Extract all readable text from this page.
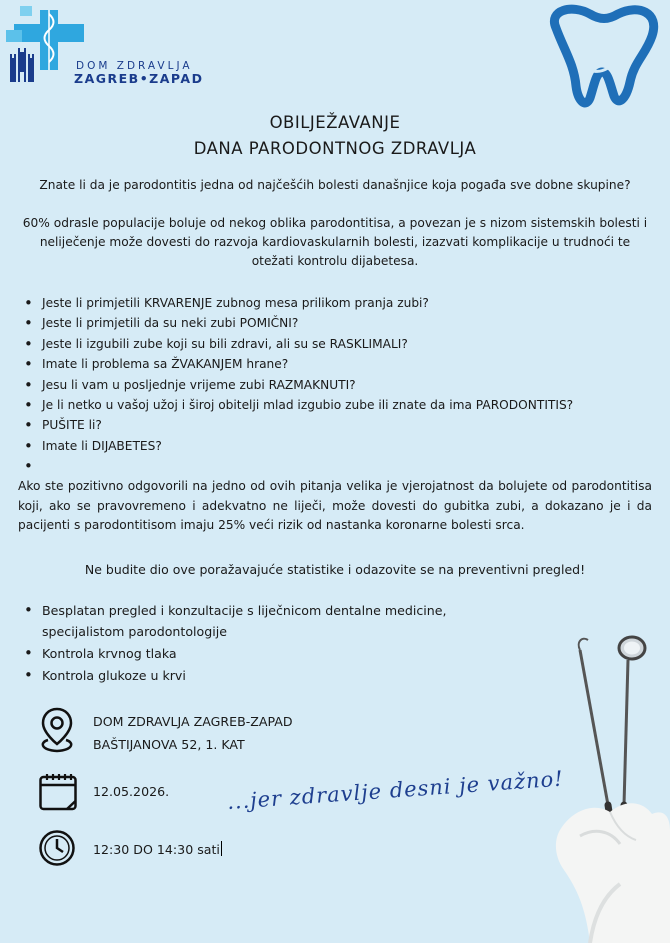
DOM ZDRAVLJA
ZAGREB•ZAPAD
OBILJEŽAVANJE
DANA PARODONTNOG ZDRAVLJA
Znate li da je parodontitis jedna od najčešćih bolesti današnjice koja pogađa sve dobne skupine?
60% odrasle populacije boluje od nekog oblika parodontitisa, a povezan je s nizom sistemskih bolesti i neliječenje može dovesti do razvoja kardiovaskularnih bolesti, izazvati komplikacije u trudnoći te otežati kontrolu dijabetesa.
• Jeste li primjetili KRVARENJE zubnog mesa prilikom pranja zubi?
• Jeste li primjetili da su neki zubi POMIČNI?
• Jeste li izgubili zube koji su bili zdravi, ali su se RASKLIMALI?
• Imate li problema sa ŽVAKANJEM hrane?
• Jesu li vam u posljednje vrijeme zubi RAZMAKNUTI?
• Je li netko u vašoj užoj i široj obitelji mlad izgubio zube ili znate da ima PARODONTITIS?
• PUŠITE li?
• Imate li DIJABETES?
•
Ako ste pozitivno odgovorili na jedno od ovih pitanja velika je vjerojatnost da bolujete od parodontitisa koji, ako se pravovremeno i adekvatno ne liječi, može dovesti do gubitka zubi, a dokazano je i da pacijenti s parodontitisom imaju 25% veći rizik od nastanka koronarne bolesti srca.
Ne budite dio ove poražavajuće statistike i odazovite se na preventivni pregled!
• Besplatan pregled i konzultacije s liječnicom dentalne medicine,
specijalistom parodontologije
• Kontrola krvnog tlaka
• Kontrola glukoze u krvi
DOM ZDRAVLJA ZAGREB-ZAPAD
BAŠTIJANOVA 52, 1. KAT
12.05.2026.
12:30 DO 14:30 sati
...jer zdravlje desni je važno!
